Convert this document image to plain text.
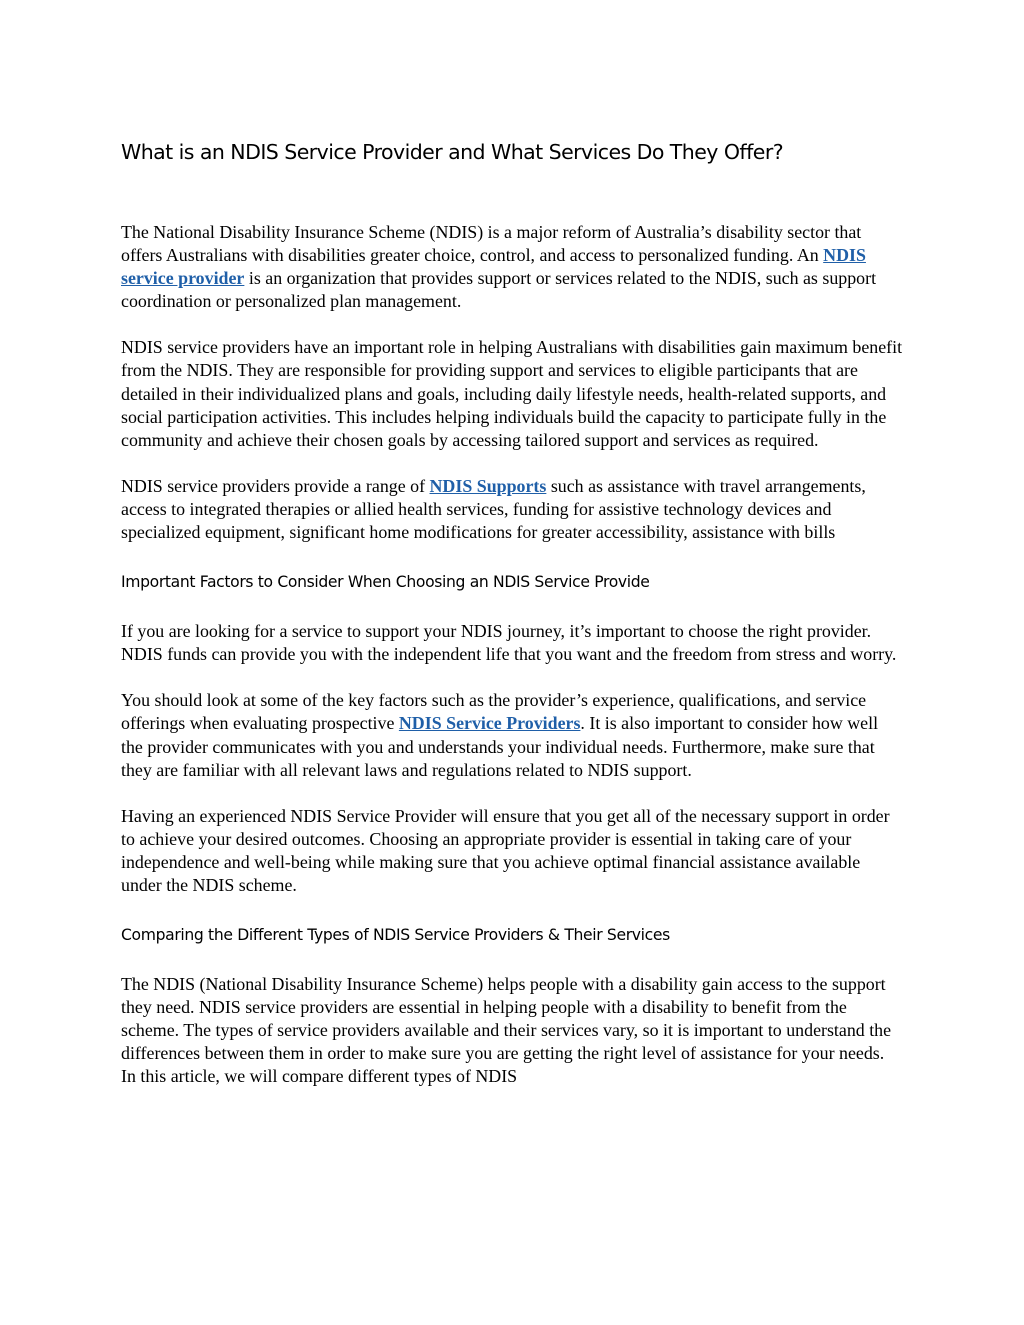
What is an NDIS Service Provider and What Services Do They Offer?

The National Disability Insurance Scheme (NDIS) is a major reform of Australia’s disability sector that offers Australians with disabilities greater choice, control, and access to personalized funding. An NDIS service provider is an organization that provides support or services related to the NDIS, such as support coordination or personalized plan management.

NDIS service providers have an important role in helping Australians with disabilities gain maximum benefit from the NDIS. They are responsible for providing support and services to eligible participants that are detailed in their individualized plans and goals, including daily lifestyle needs, health-related supports, and social participation activities. This includes helping individuals build the capacity to participate fully in the community and achieve their chosen goals by accessing tailored support and services as required.

NDIS service providers provide a range of NDIS Supports such as assistance with travel arrangements, access to integrated therapies or allied health services, funding for assistive technology devices and specialized equipment, significant home modifications for greater accessibility, assistance with bills

Important Factors to Consider When Choosing an NDIS Service Provide

If you are looking for a service to support your NDIS journey, it’s important to choose the right provider. NDIS funds can provide you with the independent life that you want and the freedom from stress and worry.

You should look at some of the key factors such as the provider’s experience, qualifications, and service offerings when evaluating prospective NDIS Service Providers. It is also important to consider how well the provider communicates with you and understands your individual needs. Furthermore, make sure that they are familiar with all relevant laws and regulations related to NDIS support.

Having an experienced NDIS Service Provider will ensure that you get all of the necessary support in order to achieve your desired outcomes. Choosing an appropriate provider is essential in taking care of your independence and well-being while making sure that you achieve optimal financial assistance available under the NDIS scheme.

Comparing the Different Types of NDIS Service Providers & Their Services

The NDIS (National Disability Insurance Scheme) helps people with a disability gain access to the support they need. NDIS service providers are essential in helping people with a disability to benefit from the scheme. The types of service providers available and their services vary, so it is important to understand the differences between them in order to make sure you are getting the right level of assistance for your needs. In this article, we will compare different types of NDIS
